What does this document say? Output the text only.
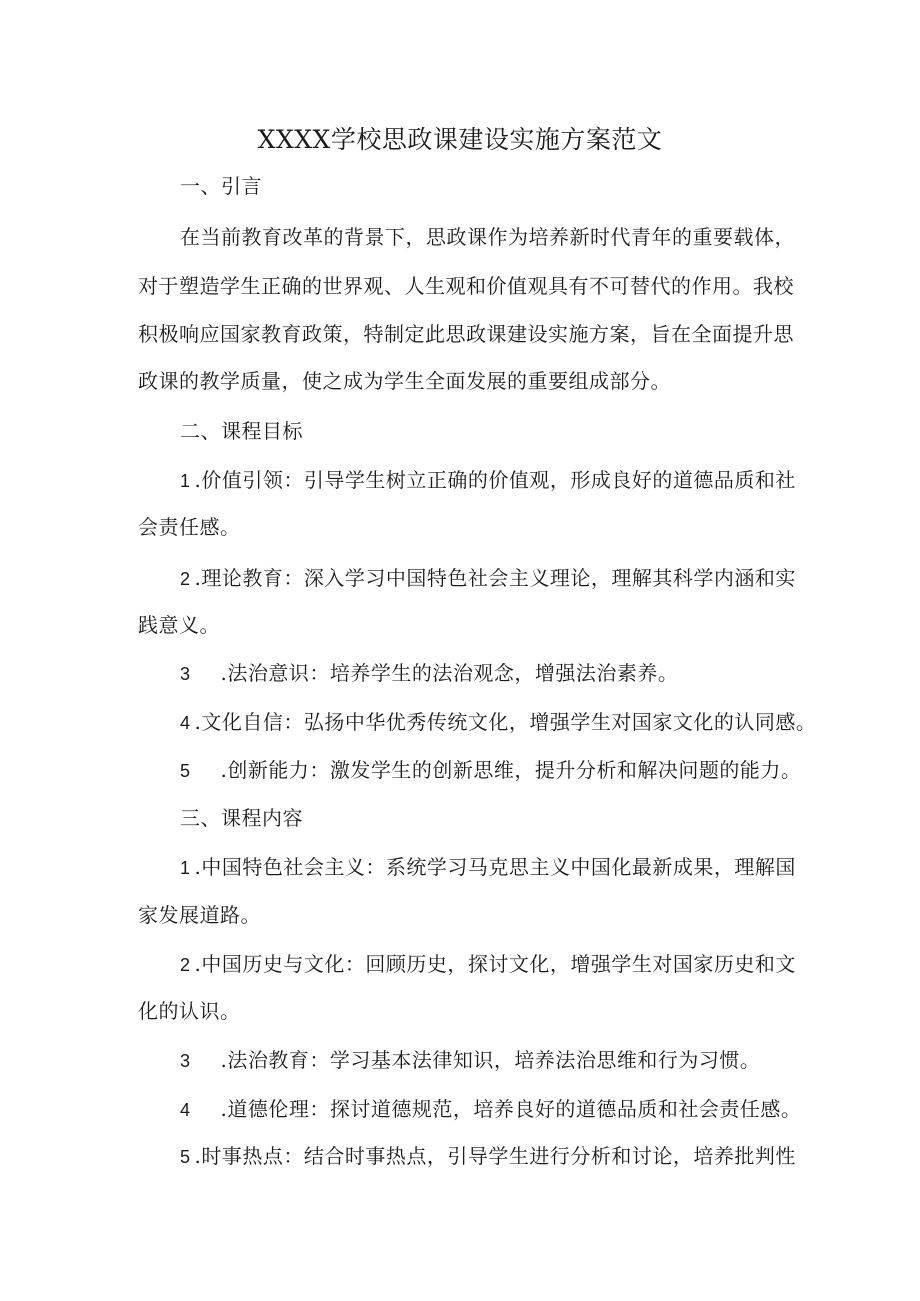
XXXX学校思政课建设实施方案范文
一、引言
在当前教育改革的背景下，思政课作为培养新时代青年的重要载体，
对于塑造学生正确的世界观、人生观和价值观具有不可替代的作用。我校
积极响应国家教育政策，特制定此思政课建设实施方案，旨在全面提升思
政课的教学质量，使之成为学生全面发展的重要组成部分。
二、课程目标
1 .价值引领：引导学生树立正确的价值观，形成良好的道德品质和社
会责任感。
2 .理论教育：深入学习中国特色社会主义理论，理解其科学内涵和实
践意义。
3 .法治意识：培养学生的法治观念，增强法治素养。
4 .文化自信：弘扬中华优秀传统文化，增强学生对国家文化的认同感。
5 .创新能力：激发学生的创新思维，提升分析和解决问题的能力。
三、课程内容
1 .中国特色社会主义：系统学习马克思主义中国化最新成果，理解国
家发展道路。
2 .中国历史与文化：回顾历史，探讨文化，增强学生对国家历史和文
化的认识。
3 .法治教育：学习基本法律知识，培养法治思维和行为习惯。
4 .道德伦理：探讨道德规范，培养良好的道德品质和社会责任感。
5 .时事热点：结合时事热点，引导学生进行分析和讨论，培养批判性
